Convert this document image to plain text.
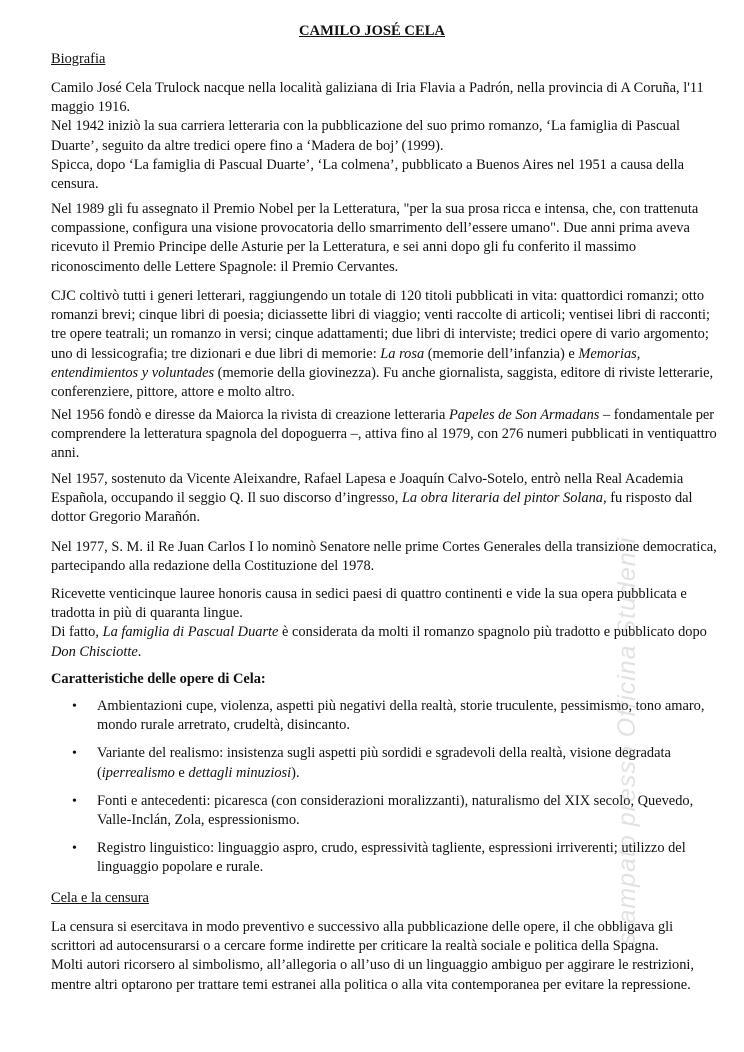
CAMILO JOSÉ CELA
Biografia

Camilo José Cela Trulock nacque nella località galiziana di Iria Flavia a Padrón, nella provincia di A Coruña, l'11 maggio 1916.

Nel 1942 iniziò la sua carriera letteraria con la pubblicazione del suo primo romanzo, ‘La famiglia di Pascual Duarte’, seguito da altre tredici opere fino a ‘Madera de boj’ (1999).

Spicca, dopo ‘La famiglia di Pascual Duarte’, ‘La colmena’, pubblicato a Buenos Aires nel 1951 a causa della censura.

Nel 1989 gli fu assegnato il Premio Nobel per la Letteratura, "per la sua prosa ricca e intensa, che, con trattenuta compassione, configura una visione provocatoria dello smarrimento dell’essere umano". Due anni prima aveva ricevuto il Premio Principe delle Asturie per la Letteratura, e sei anni dopo gli fu conferito il massimo riconoscimento delle Lettere Spagnole: il Premio Cervantes.
CJC coltivò tutti i generi letterari, raggiungendo un totale di 120 titoli pubblicati in vita: quattordici romanzi; otto romanzi brevi; cinque libri di poesia; diciassette libri di viaggio; venti raccolte di articoli; ventisei libri di racconti; tre opere teatrali; un romanzo in versi; cinque adattamenti; due libri di interviste; tredici opere di vario argomento; uno di lessicografia; tre dizionari e due libri di memorie: La rosa (memorie dell’infanzia) e Memorias, entendimientos y voluntades (memorie della giovinezza). Fu anche giornalista, saggista, editore di riviste letterarie, conferenziere, pittore, attore e molto altro.
Nel 1956 fondò e diresse da Maiorca la rivista di creazione letteraria Papeles de Son Armadans – fondamentale per comprendere la letteratura spagnola del dopoguerra –, attiva fino al 1979, con 276 numeri pubblicati in ventiquattro anni.
Nel 1957, sostenuto da Vicente Aleixandre, Rafael Lapesa e Joaquín Calvo-Sotelo, entrò nella Real Academia Española, occupando il seggio Q. Il suo discorso d’ingresso, La obra literaria del pintor Solana, fu risposto dal dottor Gregorio Marañón.
Nel 1977, S. M. il Re Juan Carlos I lo nominò Senatore nelle prime Cortes Generales della transizione democratica, partecipando alla redazione della Costituzione del 1978.

Ricevette venticinque lauree honoris causa in sedici paesi di quattro continenti e vide la sua opera pubblicata e tradotta in più di quaranta lingue.

Di fatto, La famiglia di Pascual Duarte è considerata da molti il romanzo spagnolo più tradotto e pubblicato dopo Don Chisciotte.

Caratteristiche delle opere di Cela:
• Ambientazioni cupe, violenza, aspetti più negativi della realtà, storie truculente, pessimismo, tono amaro, mondo rurale arretrato, crudeltà, disincanto.
• Variante del realismo: insistenza sugli aspetti più sordidi e sgradevoli della realtà, visione degradata (iperrealismo e dettagli minuziosi).
• Fonti e antecedenti: picaresca (con considerazioni moralizzanti), naturalismo del XIX secolo, Quevedo, Valle-Inclán, Zola, espressionismo.
• Registro linguistico: linguaggio aspro, crudo, espressività tagliente, espressioni irriverenti; utilizzo del linguaggio popolare e rurale.
Cela e la censura

La censura si esercitava in modo preventivo e successivo alla pubblicazione delle opere, il che obbligava gli scrittori ad autocensurarsi o a cercare forme indirette per criticare la realtà sociale e politica della Spagna.

Molti autori ricorsero al simbolismo, all’allegoria o all’uso di un linguaggio ambiguo per aggirare le restrizioni, mentre altri optarono per trattare temi estranei alla politica o alla vita contemporanea per evitare la repressione.

stampato presso Officina Studenti
